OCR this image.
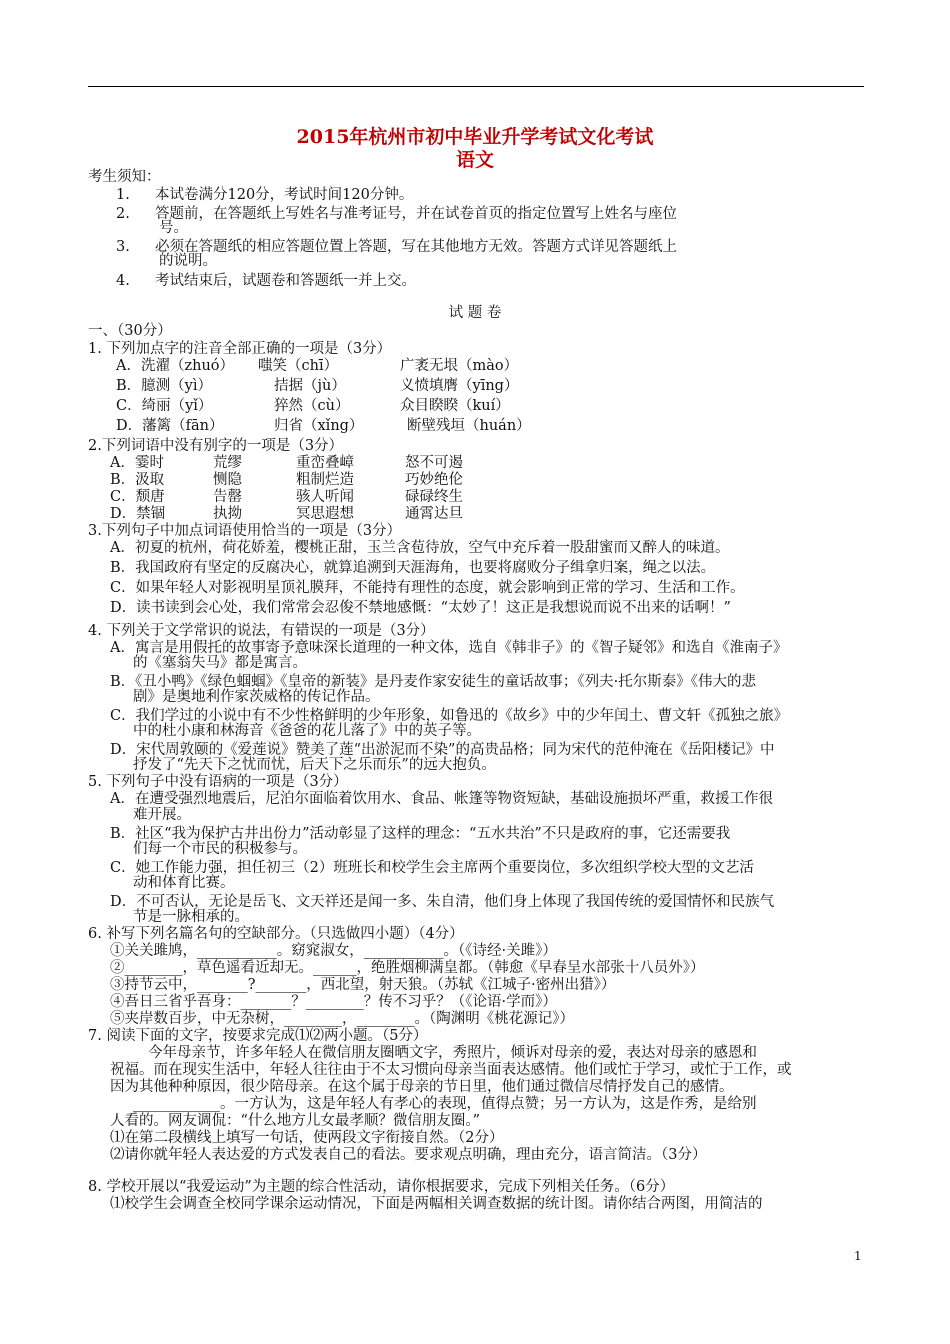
2015年杭州市初中毕业升学考试文化考试
语文
考生须知：
1. 本试卷满分120分，考试时间120分钟。
2. 答题前，在答题纸上写姓名与准考证号，并在试卷首页的指定位置写上姓名与座位
号。
3. 必须在答题纸的相应答题位置上答题，写在其他地方无效。答题方式详见答题纸上
的说明。
4. 考试结束后，试题卷和答题纸一并上交。
试 题 卷
一、（30分）
1. 下列加点字的注音全部正确的一项是（3分）
A．洗濯（zhuó） 嗤笑（chī）	广袤无垠（mào）
B．臆测（yì）	拮据（jù）	义愤填膺（yīng）
C．绮丽（yǐ）	猝然（cù）	众目睽睽（kuí）
D．藩篱（fān）	归省（xǐng）	断壁残垣（huán）
2.下列词语中没有别字的一项是（3分）
A．霎时	荒缪	重峦叠嶂	怒不可遏
B．汲取	恻隐	粗制烂造	巧妙绝伦
C．颓唐	告罄	骇人听闻	碌碌终生
D．禁锢	执拗	冥思遐想	通霄达旦
3.下列句子中加点词语使用恰当的一项是（3分）
A．初夏的杭州，荷花娇羞，樱桃正甜，玉兰含苞待放，空气中充斥着一股甜蜜而又醉人的味道。
B．我国政府有坚定的反腐决心，就算追溯到天涯海角，也要将腐败分子缉拿归案，绳之以法。
C．如果年轻人对影视明星顶礼膜拜，不能持有理性的态度，就会影响到正常的学习、生活和工作。
D．读书读到会心处，我们常常会忍俊不禁地感慨：“太妙了！这正是我想说而说不出来的话啊！”
4. 下列关于文学常识的说法，有错误的一项是（3分）
A．寓言是用假托的故事寄予意味深长道理的一种文体，选自《韩非子》的《智子疑邻》和选自《淮南子》
的《塞翁失马》都是寓言。
B．《丑小鸭》《绿色蝈蝈》《皇帝的新装》是丹麦作家安徒生的童话故事；《列夫·托尔斯泰》《伟大的悲
剧》是奥地利作家茨威格的传记作品。
C．我们学过的小说中有不少性格鲜明的少年形象，如鲁迅的《故乡》中的少年闰土、曹文轩《孤独之旅》
中的杜小康和林海音《爸爸的花儿落了》中的英子等。
D．宋代周敦颐的《爱莲说》赞美了莲“出淤泥而不染”的高贵品格；同为宋代的范仲淹在《岳阳楼记》中
抒发了“先天下之忧而忧，后天下之乐而乐”的远大抱负。
5. 下列句子中没有语病的一项是（3分）
A．在遭受强烈地震后，尼泊尔面临着饮用水、食品、帐篷等物资短缺，基础设施损坏严重，救援工作很
难开展。
B．社区“我为保护古井出份力”活动彰显了这样的理念：“五水共治”不只是政府的事，它还需要我
们每一个市民的积极参与。
C．她工作能力强，担任初三（2）班班长和校学生会主席两个重要岗位，多次组织学校大型的文艺活
动和体育比赛。
D．不可否认，无论是岳飞、文天祥还是闻一多、朱自清，他们身上体现了我国传统的爱国情怀和民族气
节是一脉相承的。
6. 补写下列名篇名句的空缺部分。（只选做四小题）（4分）
①关关雎鸠，___________。窈窕淑女，___________。（《诗经·关雎》）
②________，草色遥看近却无。______，绝胜烟柳满皇都。（韩愈《早春呈水部张十八员外》）
③持节云中，_______?_______，西北望，射天狼。（苏轼《江城子·密州出猎》）
④吾日三省乎吾身：_______？________？传不习乎？（《论语·学而》）
⑤夹岸数百步，中无杂树，________，________。（陶渊明《桃花源记》）
7. 阅读下面的文字，按要求完成⑴⑵两小题。（5分）
今年母亲节，许多年轻人在微信朋友圈晒文字，秀照片，倾诉对母亲的爱，表达对母亲的感恩和
祝福。而在现实生活中，年轻人往往由于不太习惯向母亲当面表达感情。他们或忙于学习，或忙于工作，或
因为其他种种原因，很少陪母亲。在这个属于母亲的节日里，他们通过微信尽情抒发自己的感情。
____________。一方认为，这是年轻人有孝心的表现，值得点赞；另一方认为，这是作秀，是给别
人看的。网友调侃：“什么地方儿女最孝顺？微信朋友圈。”
⑴在第二段横线上填写一句话，使两段文字衔接自然。（2分）
⑵请你就年轻人表达爱的方式发表自己的看法。要求观点明确，理由充分，语言简洁。（3分）
8. 学校开展以“我爱运动”为主题的综合性活动，请你根据要求，完成下列相关任务。（6分）
⑴校学生会调查全校同学课余运动情况，下面是两幅相关调查数据的统计图。请你结合两图，用简洁的
1
